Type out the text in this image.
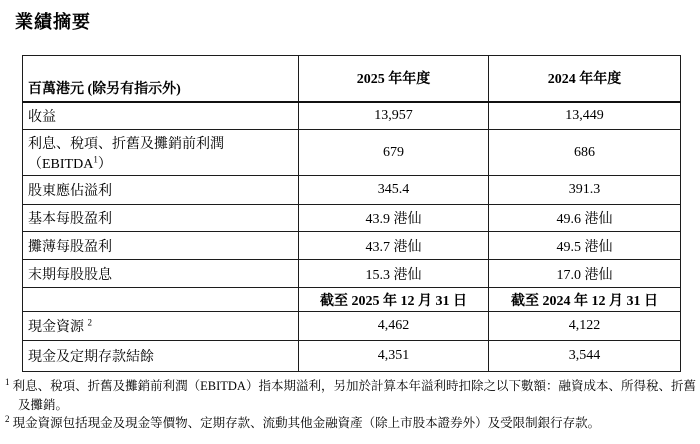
業績摘要
百萬港元 (除另有指示外)	2025 年年度	2024 年年度
收益	13,957	13,449
利息、稅項、折舊及攤銷前利潤
（EBITDA$^1$）	679	686
股東應佔溢利	345.4	391.3
基本每股盈利	43.9 港仙	49.6 港仙
攤薄每股盈利	43.7 港仙	49.5 港仙
末期每股股息	15.3 港仙	17.0 港仙
	截至 2025 年 12 月 31 日	截至 2024 年 12 月 31 日
現金資源 $^2$	4,462	4,122
現金及定期存款結餘	4,351	3,544

$^1$ 利息、稅項、折舊及攤銷前利潤（EBITDA）指本期溢利，另加於計算本年溢利時扣除之以下數額：融資成本、所得稅、折舊及攤銷。

$^2$ 現金資源包括現金及現金等價物、定期存款、流動其他金融資產（除上市股本證券外）及受限制銀行存款。
